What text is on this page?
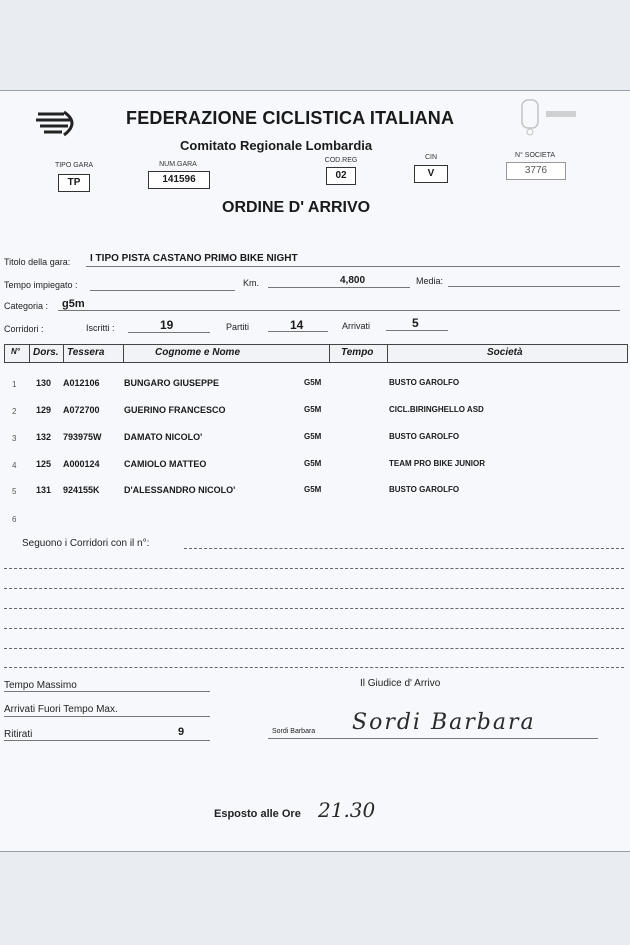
FEDERAZIONE CICLISTICA ITALIANA
Comitato Regionale Lombardia
TIPO GARA
TP
NUM.GARA
141596
COD.REG
02
CIN
V
N° SOCIETA
3776
ORDINE D' ARRIVO
Titolo della gara: I TIPO PISTA CASTANO PRIMO BIKE NIGHT
Tempo impiegato :	Km.	4,800	Media:
Categoria : g5m
Corridori :	Iscritti :	19	Partiti	14	Arrivati	5
N° Dors. Tessera	Cognome e Nome	Tempo	Società
1 130 A012106	BUNGARO GIUSEPPE	G5M	BUSTO GAROLFO
2 129 A072700	GUERINO FRANCESCO	G5M	CICL.BIRINGHELLO ASD
3 132 793975W DAMATO NICOLO'	G5M	BUSTO GAROLFO
4 125 A000124	CAMIOLO MATTEO	G5M	TEAM PRO BIKE JUNIOR
5 131 924155K	D'ALESSANDRO NICOLO'	G5M	BUSTO GAROLFO
6
Seguono i Corridori con il n°:
Tempo Massimo
Arrivati Fuori Tempo Max.
Ritirati	9
Il Giudice d' Arrivo
Sordi Barbara Sordi Barbara
Esposto alle Ore 21.30
